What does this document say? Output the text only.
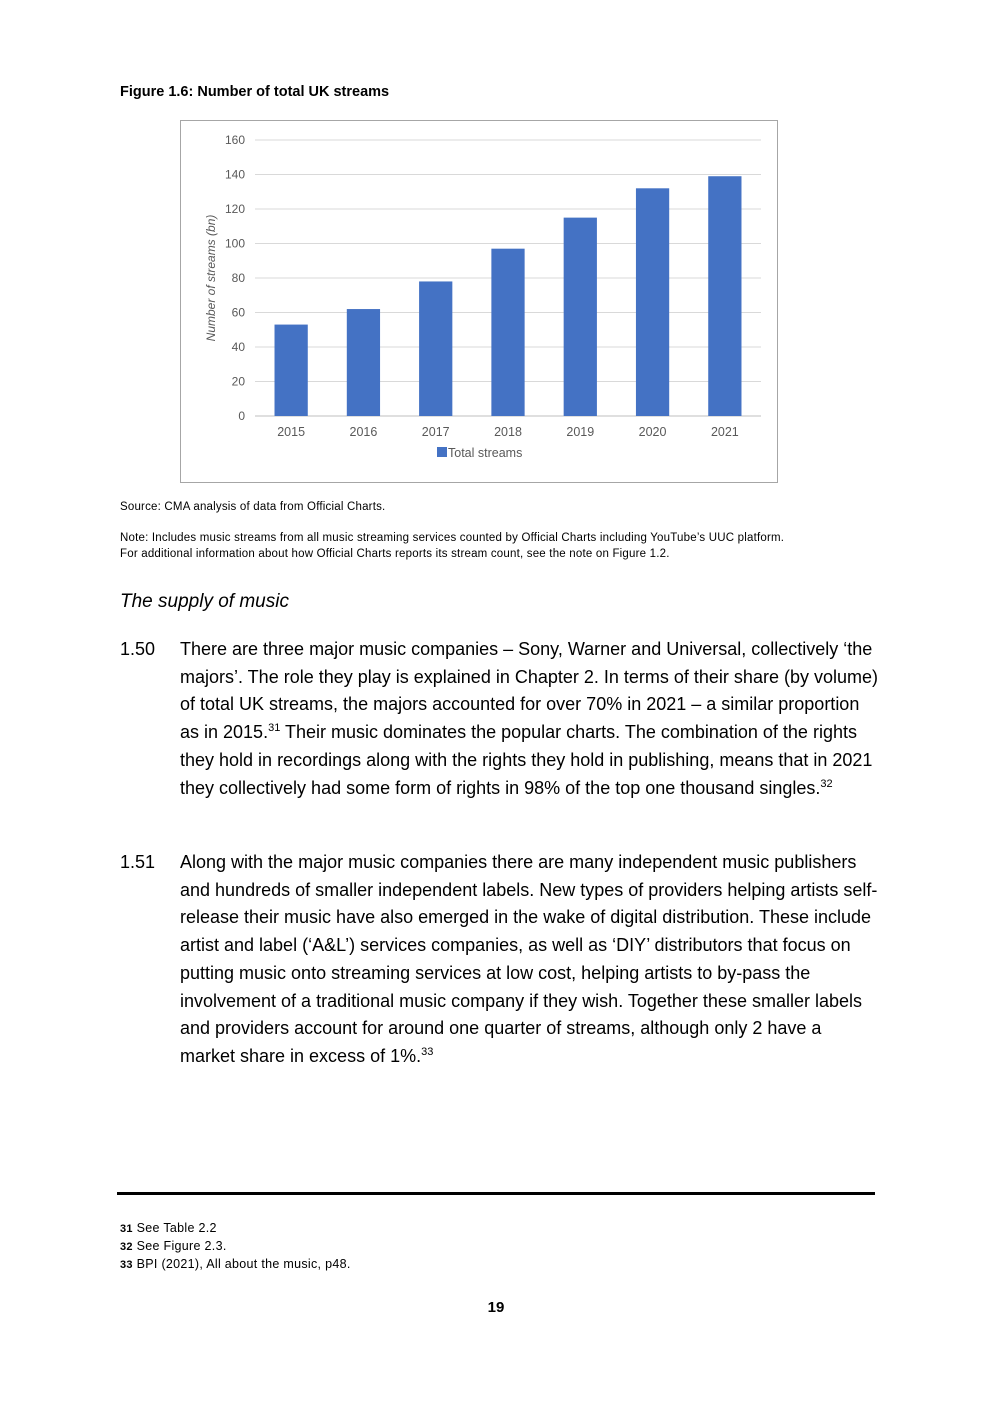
Figure 1.6: Number of total UK streams
0
20
40
60
80
100
120
140
160
Number of streams (bn)
2015	2016	2017	2018	2019	2020	2021
Total streams
Source: CMA analysis of data from Official Charts.
Note: Includes music streams from all music streaming services counted by Official Charts including YouTube’s UUC platform.
For additional information about how Official Charts reports its stream count, see the note on Figure 1.2.
The supply of music
1.50 There are three major music companies – Sony, Warner and Universal, collectively ‘the majors’. The role they play is explained in Chapter 2. In terms of their share (by volume) of total UK streams, the majors accounted for over 70% in 2021 – a similar proportion as in 2015.31 Their music dominates the popular charts. The combination of the rights they hold in recordings along with the rights they hold in publishing, means that in 2021 they collectively had some form of rights in 98% of the top one thousand singles.$^{32}$
1.51 Along with the major music companies there are many independent music publishers and hundreds of smaller independent labels. New types of providers helping artists self-release their music have also emerged in the wake of digital distribution. These include artist and label (‘A&L’) services companies, as well as ‘DIY’ distributors that focus on putting music onto streaming services at low cost, helping artists to by-pass the involvement of a traditional music company if they wish. Together these smaller labels and providers account for around one quarter of streams, although only 2 have a market share in excess of 1%.$^{33}$
31 See Table 2.2
32 See Figure 2.3.
33 BPI (2021), All about the music, p48.
19
